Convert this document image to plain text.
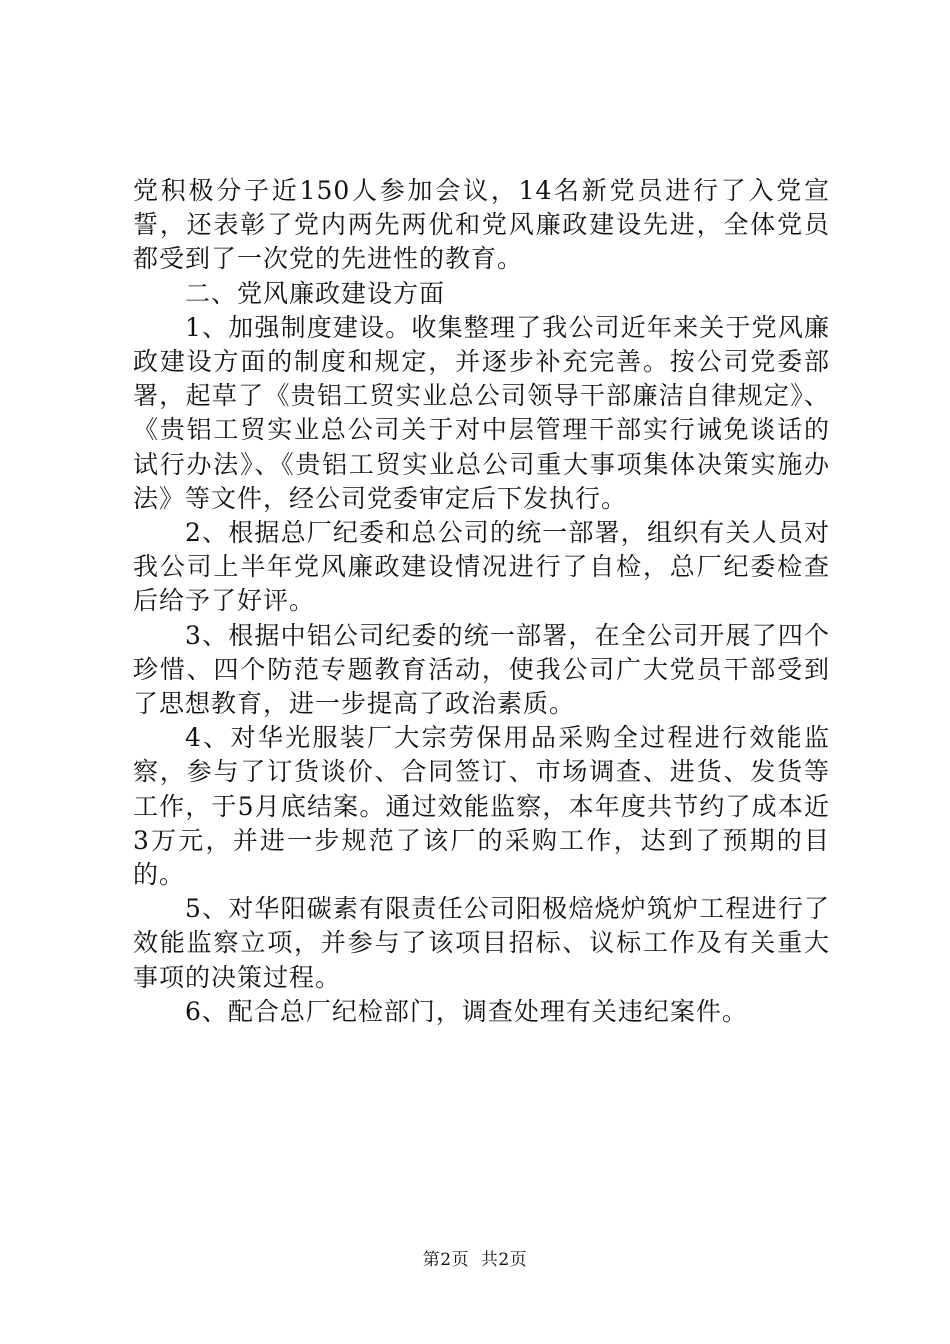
党积极分子近150人参加会议，14名新党员进行了入党宣誓，还表彰了党内两先两优和党风廉政建设先进，全体党员都受到了一次党的先进性的教育。

二、党风廉政建设方面

1、加强制度建设。收集整理了我公司近年来关于党风廉政建设方面的制度和规定，并逐步补充完善。按公司党委部署，起草了《贵铝工贸实业总公司领导干部廉洁自律规定》、《贵铝工贸实业总公司关于对中层管理干部实行诫免谈话的试行办法》、《贵铝工贸实业总公司重大事项集体决策实施办法》等文件，经公司党委审定后下发执行。

2、根据总厂纪委和总公司的统一部署，组织有关人员对我公司上半年党风廉政建设情况进行了自检，总厂纪委检查后给予了好评。

3、根据中铝公司纪委的统一部署，在全公司开展了四个珍惜、四个防范专题教育活动，使我公司广大党员干部受到了思想教育，进一步提高了政治素质。

4、对华光服装厂大宗劳保用品采购全过程进行效能监察，参与了订货谈价、合同签订、市场调查、进货、发货等工作，于5月底结案。通过效能监察，本年度共节约了成本近3万元，并进一步规范了该厂的采购工作，达到了预期的目的。

5、对华阳碳素有限责任公司阳极焙烧炉筑炉工程进行了效能监察立项，并参与了该项目招标、议标工作及有关重大事项的决策过程。

6、配合总厂纪检部门，调查处理有关违纪案件。

第2页 共2页
